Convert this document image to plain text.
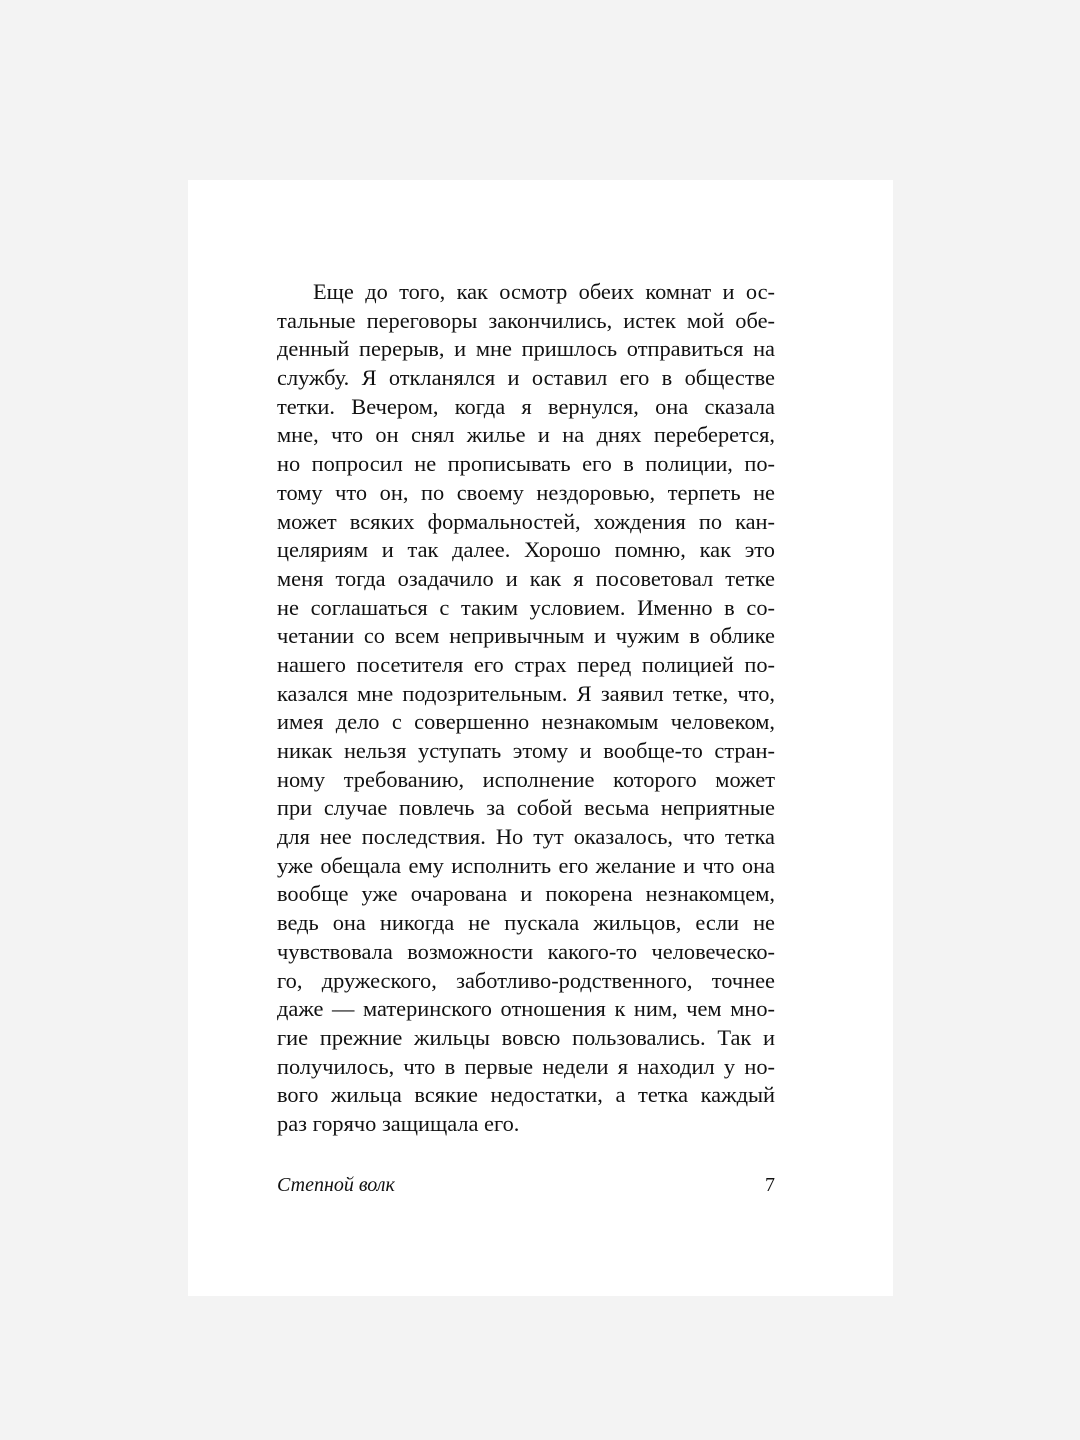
Еще до того, как осмотр обеих комнат и ос-
тальные переговоры закончились, истек мой обе-
денный перерыв, и мне пришлось отправиться на
службу. Я откланялся и оставил его в обществе
тетки. Вечером, когда я вернулся, она сказала
мне, что он снял жилье и на днях переберется,
но попросил не прописывать его в полиции, по-
тому что он, по своему нездоровью, терпеть не
может всяких формальностей, хождения по кан-
целяриям и так далее. Хорошо помню, как это
меня тогда озадачило и как я посоветовал тетке
не соглашаться с таким условием. Именно в со-
четании со всем непривычным и чужим в облике
нашего посетителя его страх перед полицией по-
казался мне подозрительным. Я заявил тетке, что,
имея дело с совершенно незнакомым человеком,
никак нельзя уступать этому и вообще-то стран-
ному требованию, исполнение которого может
при случае повлечь за собой весьма неприятные
для нее последствия. Но тут оказалось, что тетка
уже обещала ему исполнить его желание и что она
вообще уже очарована и покорена незнакомцем,
ведь она никогда не пускала жильцов, если не
чувствовала возможности какого-то человеческо-
го, дружеского, заботливо-родственного, точнее
даже — материнского отношения к ним, чем мно-
гие прежние жильцы вовсю пользовались. Так и
получилось, что в первые недели я находил у но-
вого жильца всякие недостатки, а тетка каждый
раз горячо защищала его.
Степной волк	7
